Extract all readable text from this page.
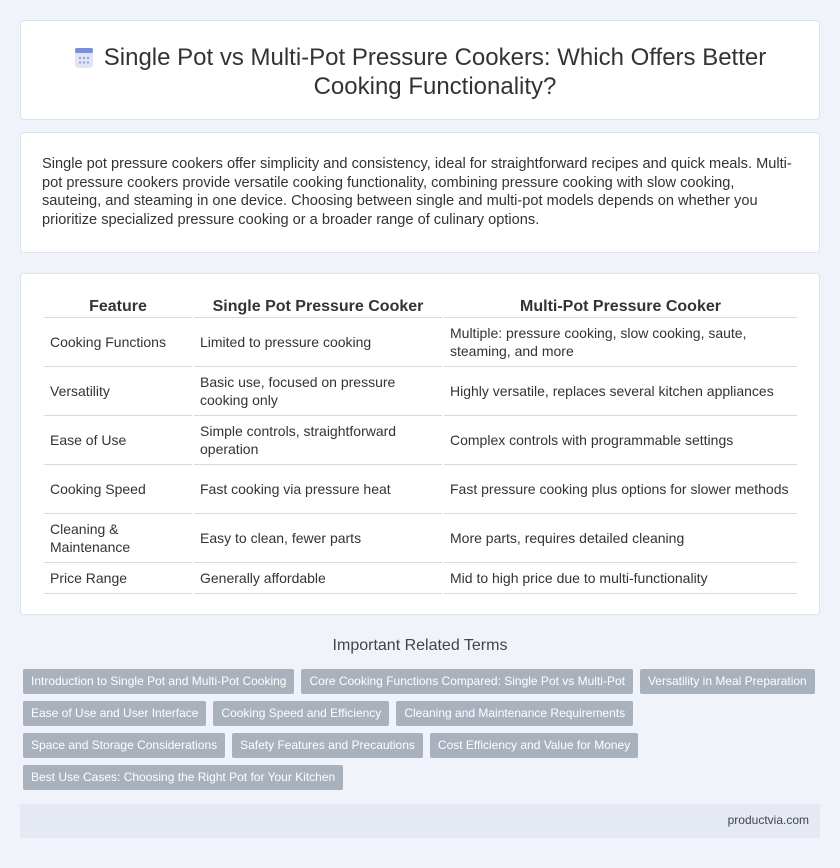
Single Pot vs Multi-Pot Pressure Cookers: Which Offers Better Cooking Functionality?

Single pot pressure cookers offer simplicity and consistency, ideal for straightforward recipes and quick meals. Multi-pot pressure cookers provide versatile cooking functionality, combining pressure cooking with slow cooking, sauteing, and steaming in one device. Choosing between single and multi-pot models depends on whether you prioritize specialized pressure cooking or a broader range of culinary options.

Feature	Single Pot Pressure Cooker	Multi-Pot Pressure Cooker
Cooking Functions	Limited to pressure cooking	Multiple: pressure cooking, slow cooking, saute, steaming, and more
Versatility	Basic use, focused on pressure cooking only	Highly versatile, replaces several kitchen appliances
Ease of Use	Simple controls, straightforward operation	Complex controls with programmable settings
Cooking Speed	Fast cooking via pressure heat	Fast pressure cooking plus options for slower methods
Cleaning & Maintenance	Easy to clean, fewer parts	More parts, requires detailed cleaning
Price Range	Generally affordable	Mid to high price due to multi-functionality
Important Related Terms
Introduction to Single Pot and Multi-Pot Cooking	Core Cooking Functions Compared: Single Pot vs Multi-Pot	Versatility in Meal Preparation
Ease of Use and User Interface	Cooking Speed and Efficiency	Cleaning and Maintenance Requirements
Space and Storage Considerations	Safety Features and Precautions	Cost Efficiency and Value for Money
Best Use Cases: Choosing the Right Pot for Your Kitchen
productvia.com
